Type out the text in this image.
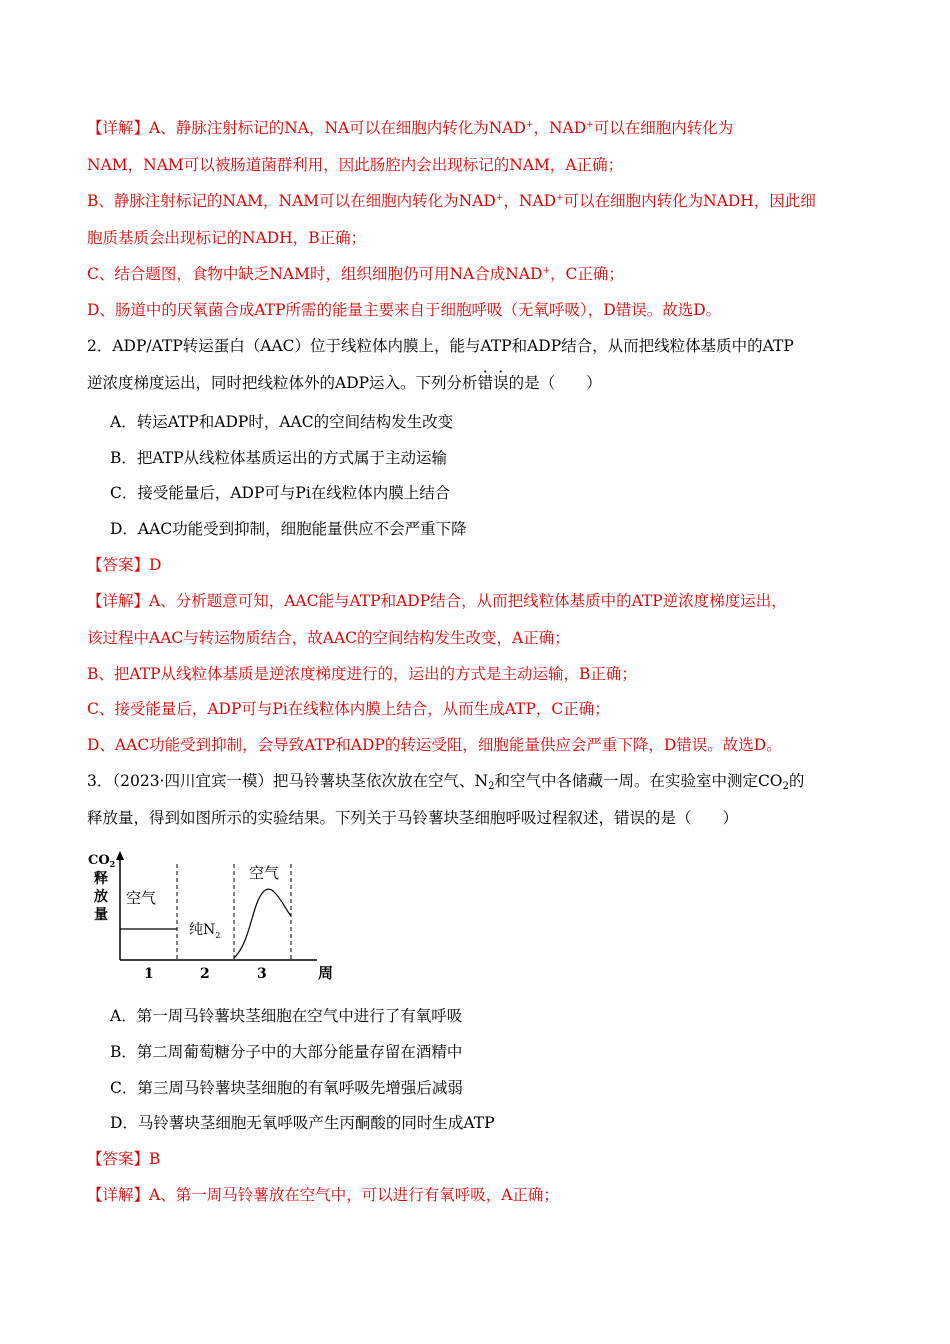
【详解】A、静脉注射标记的NA，NA可以在细胞内转化为NAD+，NAD+可以在细胞内转化为
NAM，NAM可以被肠道菌群利用，因此肠腔内会出现标记的NAM，A正确；
B、静脉注射标记的NAM，NAM可以在细胞内转化为NAD+，NAD+可以在细胞内转化为NADH，因此细
胞质基质会出现标记的NADH，B正确；
C、结合题图，食物中缺乏NAM时，组织细胞仍可用NA合成NAD+，C正确；
D、肠道中的厌氧菌合成ATP所需的能量主要来自于细胞呼吸（无氧呼吸），D错误。故选D。
2．ADP/ATP转运蛋白（AAC）位于线粒体内膜上，能与ATP和ADP结合，从而把线粒体基质中的ATP
逆浓度梯度运出，同时把线粒体外的ADP运入。下列分析错误的是（　　）
A．转运ATP和ADP时，AAC的空间结构发生改变
B．把ATP从线粒体基质运出的方式属于主动运输
C．接受能量后，ADP可与Pi在线粒体内膜上结合
D．AAC功能受到抑制，细胞能量供应不会严重下降
【答案】D
【详解】A、分析题意可知，AAC能与ATP和ADP结合，从而把线粒体基质中的ATP逆浓度梯度运出，
该过程中AAC与转运物质结合，故AAC的空间结构发生改变，A正确；
B、把ATP从线粒体基质是逆浓度梯度进行的，运出的方式是主动运输，B正确；
C、接受能量后，ADP可与Pi在线粒体内膜上结合，从而生成ATP，C正确；
D、AAC功能受到抑制，会导致ATP和ADP的转运受阻，细胞能量供应会严重下降，D错误。故选D。
3．（2023·四川宜宾一模）把马铃薯块茎依次放在空气、$N_2$和空气中各储藏一周。在实验室中测定$CO_2$的
释放量，得到如图所示的实验结果。下列关于马铃薯块茎细胞呼吸过程叙述，错误的是（　　）
$CO_2$
释
放
量
空气
纯$N_2$
空气
1	2	3	周
A．第一周马铃薯块茎细胞在空气中进行了有氧呼吸
B．第二周葡萄糖分子中的大部分能量存留在酒精中
C．第三周马铃薯块茎细胞的有氧呼吸先增强后减弱
D．马铃薯块茎细胞无氧呼吸产生丙酮酸的同时生成ATP
【答案】B
【详解】A、第一周马铃薯放在空气中，可以进行有氧呼吸，A正确；
